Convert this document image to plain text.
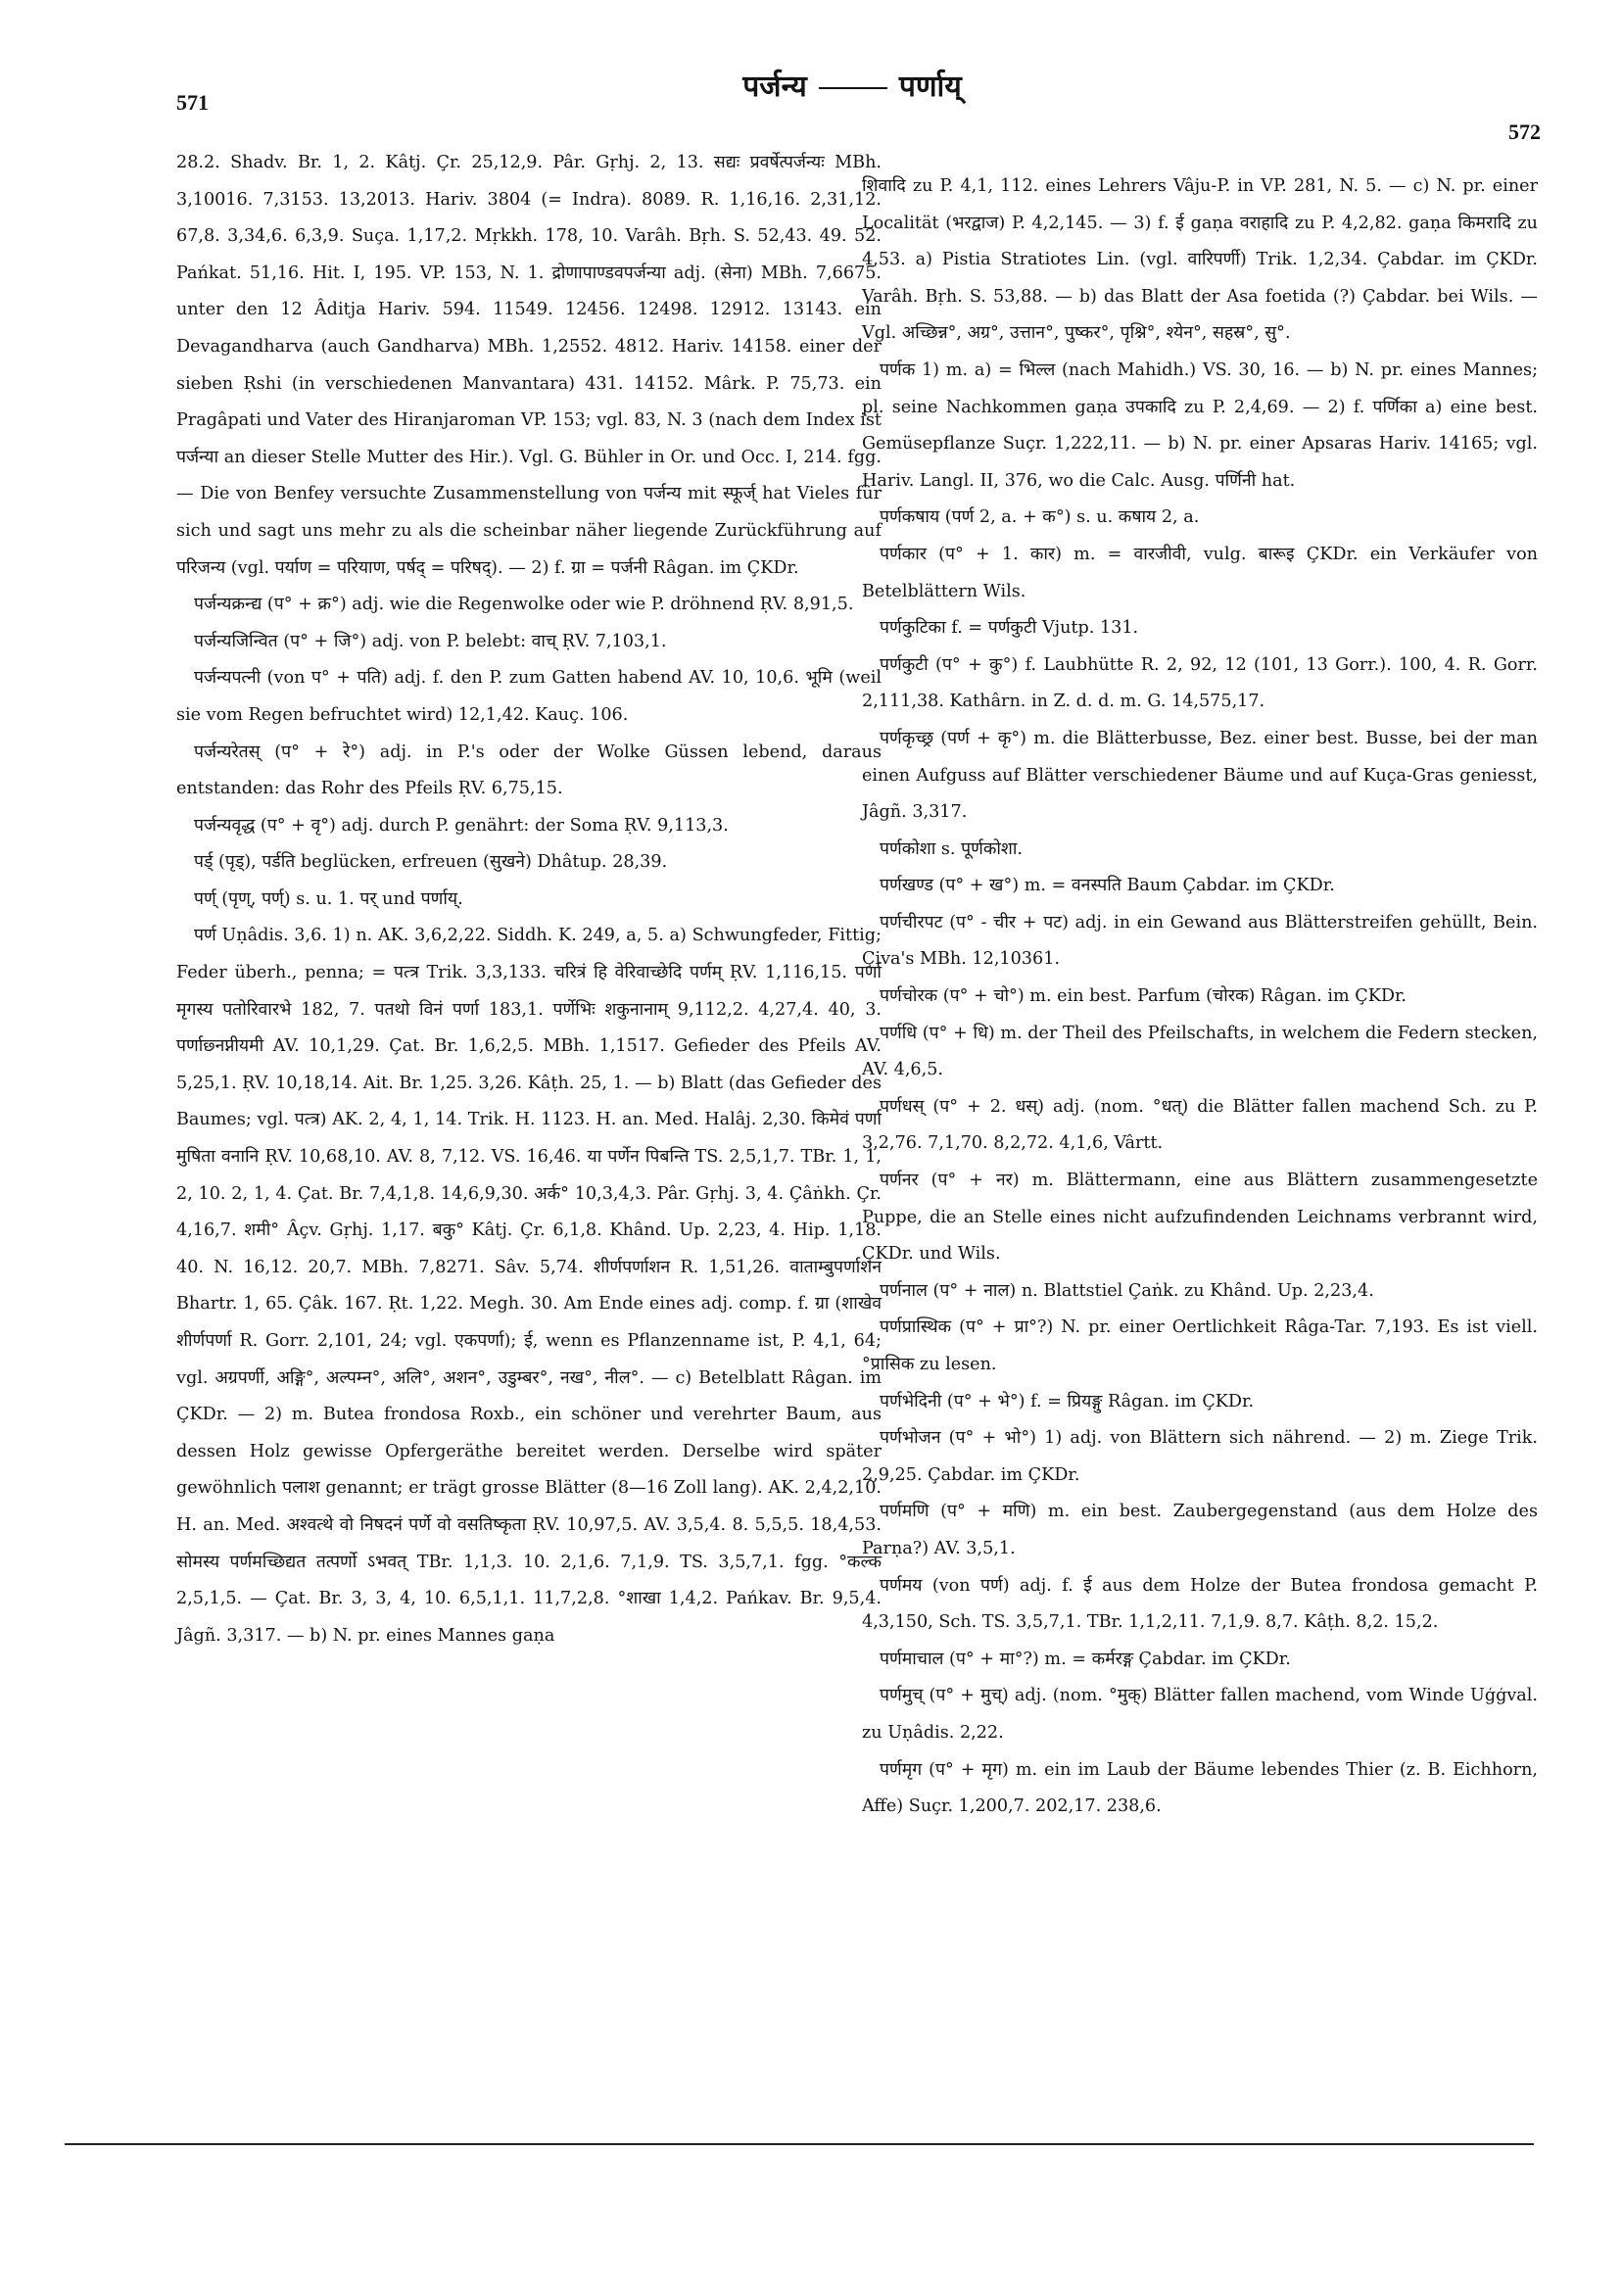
571	पर्जन्य	पर्णाय्
572

28.2. Shadv. Br. 1, 2. Kâtj. Çr. 25,12,9. Pâr. Gṛhj. 2, 13. सद्यः प्रवर्षेत्पर्जन्यः MBh. 3,10016. 7,3153. 13,2013. Hariv. 3804 (= Indra). 8089. R. 1,16,16. 2,31,12. 67,8. 3,34,6. 6,3,9. Suça. 1,17,2. Mṛkkh. 178, 10. Varâh. Bṛh. S. 52,43. 49. 52. Pańkat. 51,16. Hit. I, 195. VP. 153, N. 1. द्रोणापाण्डवपर्जन्या adj. (सेना) MBh. 7,6675. unter den 12 Âditja Hariv. 594. 11549. 12456. 12498. 12912. 13143. ein Devagandharva (auch Gandharva) MBh. 1,2552. 4812. Hariv. 14158. einer der sieben Ṛshi (in verschiedenen Manvantara) 431. 14152. Mârk. P. 75,73. ein Pragâpati und Vater des Hiranjaroman VP. 153; vgl. 83, N. 3 (nach dem Index ist पर्जन्या an dieser Stelle Mutter des Hir.). Vgl. G. Bühler in Or. und Occ. I, 214. fgg. — Die von Benfey versuchte Zusammenstellung von पर्जन्य mit स्फूर्ज् hat Vieles für sich und sagt uns mehr zu als die scheinbar näher liegende Zurückführung auf परिजन्य (vgl. पर्याण = परियाण, पर्षद् = परिषद्). — 2) f. ग्रा = पर्जनी Râgan. im ÇKDr.

पर्जन्यक्रन्द्य (प° + क्र°) adj. wie die Regenwolke oder wie P. dröhnend ṚV. 8,91,5.

पर्जन्यजिन्वित (प° + जि°) adj. von P. belebt: वाच् ṚV. 7,103,1.

पर्जन्यपत्नी (von प° + पति) adj. f. den P. zum Gatten habend AV. 10, 10,6. भूमि (weil sie vom Regen befruchtet wird) 12,1,42. Kauç. 106.

पर्जन्यरेतस् (प° + रे°) adj. in P.'s oder der Wolke Güssen lebend, daraus entstanden: das Rohr des Pfeils ṚV. 6,75,15.

पर्जन्यवृद्ध (प° + वृ°) adj. durch P. genährt: der Soma ṚV. 9,113,3.

पर्ड् (पृड्), पर्डति beglücken, erfreuen (सुखने) Dhâtup. 28,39.

पर्ण् (पृण्, पर्ण्) s. u. 1. पर् und पर्णाय्.

पर्ण Uṇâdis. 3,6. 1) n. AK. 3,6,2,22. Siddh. K. 249, a, 5. a) Schwungfeder, Fittig; Feder überh., penna; = पत्त्र Trik. 3,3,133. चरित्रं हि वेरिवाच्छेदि पर्णम् ṚV. 1,116,15. पर्णा मृगस्य पतोरिवारभे 182, 7. पतथो विनं पर्णा 183,1. पर्णेभिः शकुनानाम् 9,112,2. 4,27,4. 40, 3. पर्णाछ्नप्नीयमी AV. 10,1,29. Çat. Br. 1,6,2,5. MBh. 1,1517. Gefieder des Pfeils AV. 5,25,1. ṚV. 10,18,14. Ait. Br. 1,25. 3,26. Kâṭh. 25, 1. — b) Blatt (das Gefieder des Baumes; vgl. पत्त्र) AK. 2, 4, 1, 14. Trik. H. 1123. H. an. Med. Halâj. 2,30. किमेवं पर्णा मुषिता वनानि ṚV. 10,68,10. AV. 8, 7,12. VS. 16,46. या पर्णेन पिबन्ति TS. 2,5,1,7. TBr. 1, 1, 2, 10. 2, 1, 4. Çat. Br. 7,4,1,8. 14,6,9,30. अर्क° 10,3,4,3. Pâr. Gṛhj. 3, 4. Çâṅkh. Çr. 4,16,7. शमी° Âçv. Gṛhj. 1,17. बकु° Kâtj. Çr. 6,1,8. Khând. Up. 2,23, 4. Hip. 1,18. 40. N. 16,12. 20,7. MBh. 7,8271. Sâv. 5,74. शीर्णपर्णाशन R. 1,51,26. वाताम्बुपर्णाशन Bhartr. 1, 65. Çâk. 167. Ṛt. 1,22. Megh. 30. Am Ende eines adj. comp. f. ग्रा (शाखेव शीर्णपर्णा R. Gorr. 2,101, 24; vgl. एकपर्णा); ई, wenn es Pflanzenname ist, P. 4,1, 64; vgl. अग्रपर्णी, अङ्गि°, अल्पम्न°, अलि°, अशन°, उडुम्बर°, नख°, नील°. — c) Betelblatt Râgan. im ÇKDr. — 2) m. Butea frondosa Roxb., ein schöner und verehrter Baum, aus dessen Holz gewisse Opfergeräthe bereitet werden. Derselbe wird später gewöhnlich पलाश genannt; er trägt grosse Blätter (8—16 Zoll lang). AK. 2,4,2,10. H. an. Med. अश्वत्थे वो निषदनं पर्णे वो वसतिष्कृता ṚV. 10,97,5. AV. 3,5,4. 8. 5,5,5. 18,4,53. सोमस्य पर्णमच्छिद्यत तत्पर्णो ऽभवत् TBr. 1,1,3. 10. 2,1,6. 7,1,9. TS. 3,5,7,1. fgg. °कल्क 2,5,1,5. — Çat. Br. 3, 3, 4, 10. 6,5,1,1. 11,7,2,8. °शाखा 1,4,2. Pańkav. Br. 9,5,4. Jâgñ. 3,317. — b) N. pr. eines Mannes gaṇa

शिवादि zu P. 4,1, 112. eines Lehrers Vâju-P. in VP. 281, N. 5. — c) N. pr. einer Localität (भरद्वाज) P. 4,2,145. — 3) f. ई gaṇa वराहादि zu P. 4,2,82. gaṇa किमरादि zu 4,53. a) Pistia Stratiotes Lin. (vgl. वारिपर्णी) Trik. 1,2,34. Çabdar. im ÇKDr. Varâh. Bṛh. S. 53,88. — b) das Blatt der Asa foetida (?) Çabdar. bei Wils. — Vgl. अच्छिन्न°, अग्र°, उत्तान°, पुष्कर°, पृश्नि°, श्येन°, सहस्र°, सु°.

पर्णक 1) m. a) = भिल्ल (nach Mahidh.) VS. 30, 16. — b) N. pr. eines Mannes; pl. seine Nachkommen gaṇa उपकादि zu P. 2,4,69. — 2) f. पर्णिका a) eine best. Gemüsepflanze Suçr. 1,222,11. — b) N. pr. einer Apsaras Hariv. 14165; vgl. Hariv. Langl. II, 376, wo die Calc. Ausg. पर्णिनी hat.

पर्णकषाय (पर्ण 2, a. + क°) s. u. कषाय 2, a.

पर्णकार (प° + 1. कार) m. = वारजीवी, vulg. बारूइ ÇKDr. ein Verkäufer von Betelblättern Wils.

पर्णकुटिका f. = पर्णकुटी Vjutp. 131.

पर्णकुटी (प° + कु°) f. Laubhütte R. 2, 92, 12 (101, 13 Gorr.). 100, 4. R. Gorr. 2,111,38. Kathârn. in Z. d. d. m. G. 14,575,17.

पर्णकृच्छ्र (पर्ण + कृ°) m. die Blätterbusse, Bez. einer best. Busse, bei der man einen Aufguss auf Blätter verschiedener Bäume und auf Kuça-Gras geniesst, Jâgñ. 3,317.

पर्णकोशा s. पूर्णकोशा.

पर्णखण्ड (प° + ख°) m. = वनस्पति Baum Çabdar. im ÇKDr.

पर्णचीरपट (प° - चीर + पट) adj. in ein Gewand aus Blätterstreifen gehüllt, Bein. Çiva's MBh. 12,10361.

पर्णचोरक (प° + चो°) m. ein best. Parfum (चोरक) Râgan. im ÇKDr.

पर्णधि (प° + धि) m. der Theil des Pfeilschafts, in welchem die Federn stecken, AV. 4,6,5.

पर्णधस् (प° + 2. धस्) adj. (nom. °धत्) die Blätter fallen machend Sch. zu P. 3,2,76. 7,1,70. 8,2,72. 4,1,6, Vârtt.

पर्णनर (प° + नर) m. Blättermann, eine aus Blättern zusammengesetzte Puppe, die an Stelle eines nicht aufzufindenden Leichnams verbrannt wird, ÇKDr. und Wils.

पर्णनाल (प° + नाल) n. Blattstiel Çaṅk. zu Khând. Up. 2,23,4.

पर्णप्रास्थिक (प° + प्रा°?) N. pr. einer Oertlichkeit Râga-Tar. 7,193. Es ist viell. °प्रासिक zu lesen.

पर्णभेदिनी (प° + भे°) f. = प्रियङ्गु Râgan. im ÇKDr.

पर्णभोजन (प° + भो°) 1) adj. von Blättern sich nährend. — 2) m. Ziege Trik. 2,9,25. Çabdar. im ÇKDr.

पर्णमणि (प° + मणि) m. ein best. Zaubergegenstand (aus dem Holze des Parṇa?) AV. 3,5,1.

पर्णमय (von पर्ण) adj. f. ई aus dem Holze der Butea frondosa gemacht P. 4,3,150, Sch. TS. 3,5,7,1. TBr. 1,1,2,11. 7,1,9. 8,7. Kâṭh. 8,2. 15,2.

पर्णमाचाल (प° + मा°?) m. = कर्मरङ्ग Çabdar. im ÇKDr.

पर्णमुच् (प° + मुच्) adj. (nom. °मुक्) Blätter fallen machend, vom Winde Uģģval. zu Uṇâdis. 2,22.

पर्णमृग (प° + मृग) m. ein im Laub der Bäume lebendes Thier (z. B. Eichhorn, Affe) Suçr. 1,200,7. 202,17. 238,6.
